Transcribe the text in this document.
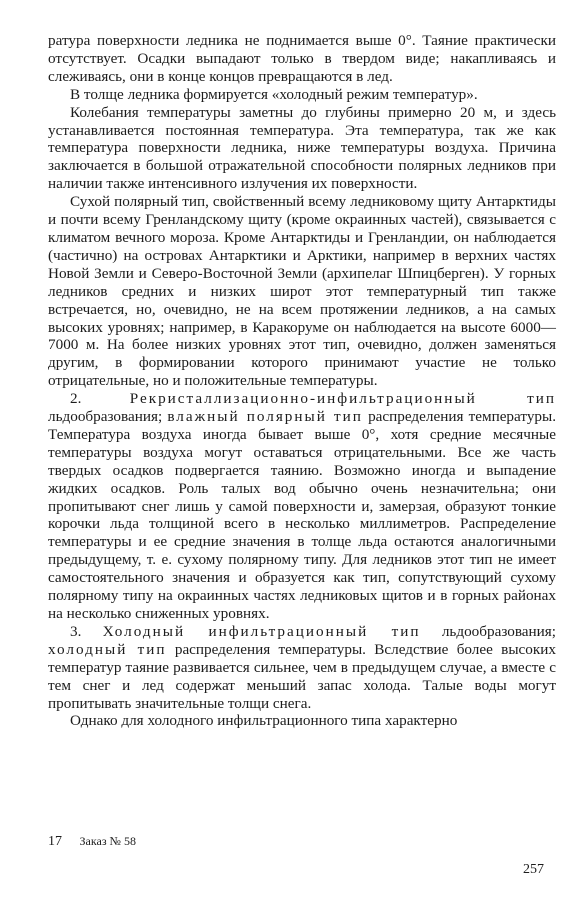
ратура поверхности ледника не поднимается выше 0°. Таяние практически отсутствует. Осадки выпадают только в твердом виде; накапливаясь и слеживаясь, они в конце концов превращаются в лед.

В толще ледника формируется «холодный режим температур».

Колебания температуры заметны до глубины примерно 20 м, и здесь устанавливается постоянная температура. Эта температура, так же как температура поверхности ледника, ниже температуры воздуха. Причина заключается в большой отражательной способности полярных ледников при наличии также интенсивного излучения их поверхности.

Сухой полярный тип, свойственный всему ледниковому щиту Антарктиды и почти всему Гренландскому щиту (кроме окраинных частей), связывается с климатом вечного мороза. Кроме Антарктиды и Гренландии, он наблюдается (частично) на островах Антарктики и Арктики, например в верхних частях Новой Земли и Северо-Восточной Земли (архипелаг Шпицберген). У горных ледников средних и низких широт этот температурный тип также встречается, но, очевидно, не на всем протяжении ледников, а на самых высоких уровнях; например, в Каракоруме он наблюдается на высоте 6000—7000 м. На более низких уровнях этот тип, очевидно, должен заменяться другим, в формировании которого принимают участие не только отрицательные, но и положительные температуры.

2.	Рекристаллизационно-инфильтрационный тип льдообразования; влажный полярный тип распределения температуры. Температура воздуха иногда бывает выше 0°, хотя средние месячные температуры воздуха могут оставаться отрицательными. Все же часть твердых осадков подвергается таянию. Возможно иногда и выпадение жидких осадков. Роль талых вод обычно очень незначительна; они пропитывают снег лишь у самой поверхности и, замерзая, образуют тонкие корочки льда толщиной всего в несколько миллиметров. Распределение температуры и ее средние значения в толще льда остаются аналогичными предыдущему, т. е. сухому полярному типу. Для ледников этот тип не имеет самостоятельного значения и образуется как тип, сопутствующий сухому полярному типу на окраинных частях ледниковых щитов и в горных районах на несколько сниженных уровнях.

3. Холодный инфильтрационный тип льдообразования; холодный тип распределения температуры. Вследствие более высоких температур таяние развивается сильнее, чем в предыдущем случае, а вместе с тем снег и лед содержат меньший запас холода. Талые воды могут пропитывать значительные толщи снега.

Однако для холодного инфильтрационного типа характерно

17 Заказ № 58
257
